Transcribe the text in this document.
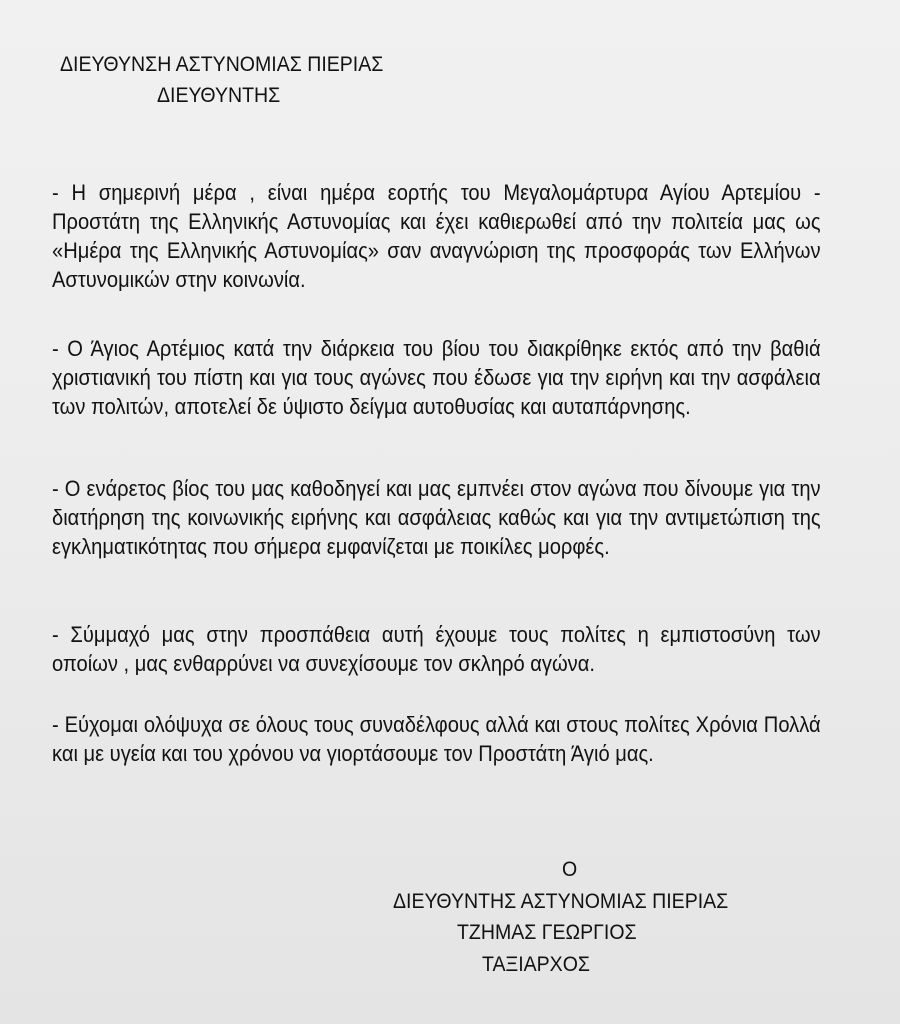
ΔΙΕΥΘΥΝΣΗ ΑΣΤΥΝΟΜΙΑΣ ΠΙΕΡΙΑΣ
ΔΙΕΥΘΥΝΤΗΣ

- Η σημερινή μέρα , είναι ημέρα εορτής του Μεγαλομάρτυρα Αγίου Αρτεμίου - Προστάτη της Ελληνικής Αστυνομίας και έχει καθιερωθεί από την πολιτεία μας ως «Ημέρα της Ελληνικής Αστυνομίας» σαν αναγνώριση της προσφοράς των Ελλήνων Αστυνομικών στην κοινωνία.

- Ο Άγιος Αρτέμιος κατά την διάρκεια του βίου του διακρίθηκε εκτός από την βαθιά χριστιανική του πίστη και για τους αγώνες που έδωσε για την ειρήνη και την ασφάλεια των πολιτών, αποτελεί δε ύψιστο δείγμα αυτοθυσίας και αυταπάρνησης.

- Ο ενάρετος βίος του μας καθοδηγεί και μας εμπνέει στον αγώνα που δίνουμε για την διατήρηση της κοινωνικής ειρήνης και ασφάλειας καθώς και για την αντιμετώπιση της εγκληματικότητας που σήμερα εμφανίζεται με ποικίλες μορφές.

- Σύμμαχό μας στην προσπάθεια αυτή έχουμε τους πολίτες η εμπιστοσύνη των οποίων , μας ενθαρρύνει να συνεχίσουμε τον σκληρό αγώνα.

- Εύχομαι ολόψυχα σε όλους τους συναδέλφους αλλά και στους πολίτες Χρόνια Πολλά και με υγεία και του χρόνου να γιορτάσουμε τον Προστάτη Άγιό μας.

Ο
ΔΙΕΥΘΥΝΤΗΣ ΑΣΤΥΝΟΜΙΑΣ ΠΙΕΡΙΑΣ
ΤΖΗΜΑΣ ΓΕΩΡΓΙΟΣ
ΤΑΞΙΑΡΧΟΣ
